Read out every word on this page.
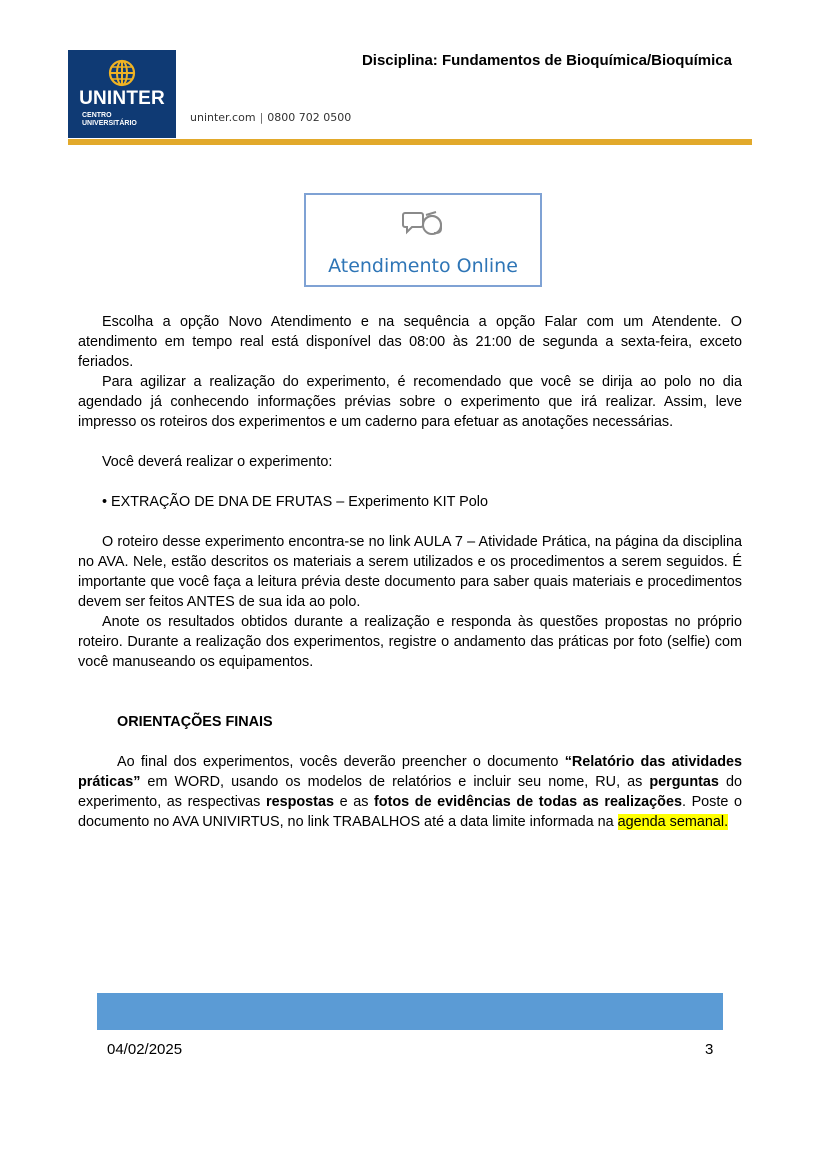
UNINTER
CENTRO
UNIVERSITÁRIO	uninter.com | 0800 702 0500
Disciplina: Fundamentos de Bioquímica/Bioquímica
Atendimento Online

Escolha a opção Novo Atendimento e na sequência a opção Falar com um Atendente. O atendimento em tempo real está disponível das 08:00 às 21:00 de segunda a sexta-feira, exceto feriados.

Para agilizar a realização do experimento, é recomendado que você se dirija ao polo no dia agendado já conhecendo informações prévias sobre o experimento que irá realizar. Assim, leve impresso os roteiros dos experimentos e um caderno para efetuar as anotações necessárias.

Você deverá realizar o experimento:

• EXTRAÇÃO DE DNA DE FRUTAS – Experimento KIT Polo

O roteiro desse experimento encontra-se no link AULA 7 – Atividade Prática, na página da disciplina no AVA. Nele, estão descritos os materiais a serem utilizados e os procedimentos a serem seguidos. É importante que você faça a leitura prévia deste documento para saber quais materiais e procedimentos devem ser feitos ANTES de sua ida ao polo.

Anote os resultados obtidos durante a realização e responda às questões propostas no próprio roteiro. Durante a realização dos experimentos, registre o andamento das práticas por foto (selfie) com você manuseando os equipamentos.

ORIENTAÇÕES FINAIS

Ao final dos experimentos, vocês deverão preencher o documento “Relatório das atividades práticas” em WORD, usando os modelos de relatórios e incluir seu nome, RU, as perguntas do experimento, as respectivas respostas e as fotos de evidências de todas as realizações. Poste o documento no AVA UNIVIRTUS, no link TRABALHOS até a data limite informada na agenda semanal.

04/02/2025	3
